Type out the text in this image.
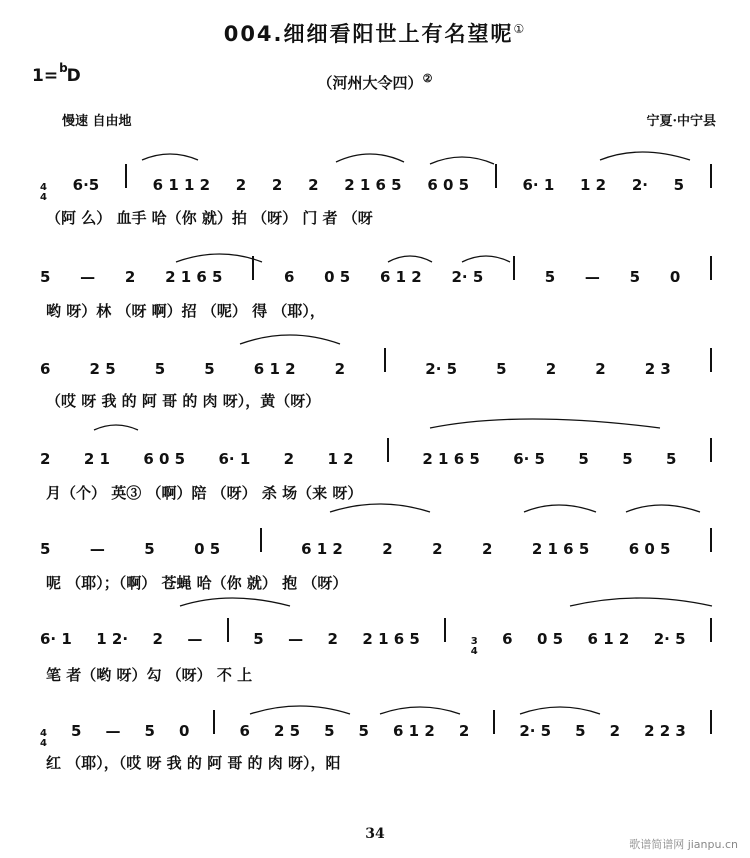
004.细细看阳世上有名望呢①
1=$^b$D	（河州大令四）②
慢速 自由地	宁夏·中宁县
4
4
6·5	6 1 1 2 2 2 2 2 1 6 5 6 0 5	6· 1 1 2 2· 5
（阿 么） 血手 哈（你 就）拍 （呀） 门 者 （呀
5 — 2 2 1 6 5	6 0 5 6 1 2 2· 5	5 — 5 0
哟 呀）林 （呀 啊）招 （呢） 得 （耶），
6	2 5	5	5	6 1 2	2	2· 5	5	2	2	2 3
（哎 呀 我 的 阿 哥 的 肉 呀），黄（呀）
2 2 1 6 0 5 6· 1 2 1 2	2 1 6 5 6· 5 5 5 5
月（个） 英③ （啊）陪 （呀） 杀 场（来 呀）
5	—	5	0 5	6 1 2	2	2	2	2 1 6 5	6 0 5
呢 （耶）；（啊） 苍蝇 哈（你 就） 抱 （呀）
6· 1 1 2· 2 —	5 — 2 2 1 6 5	3
4
6 0 5 6 1 2 2· 5
笔 者（哟 呀）勾 （呀） 不 上
4
4
5 — 5 0	6 2 5 5 5 6 1 2 2	2· 5 5 2 2 2 3
红 （耶），（哎 呀 我 的 阿 哥 的 肉 呀），阳
34
歌谱简谱网 jianpu.cn
